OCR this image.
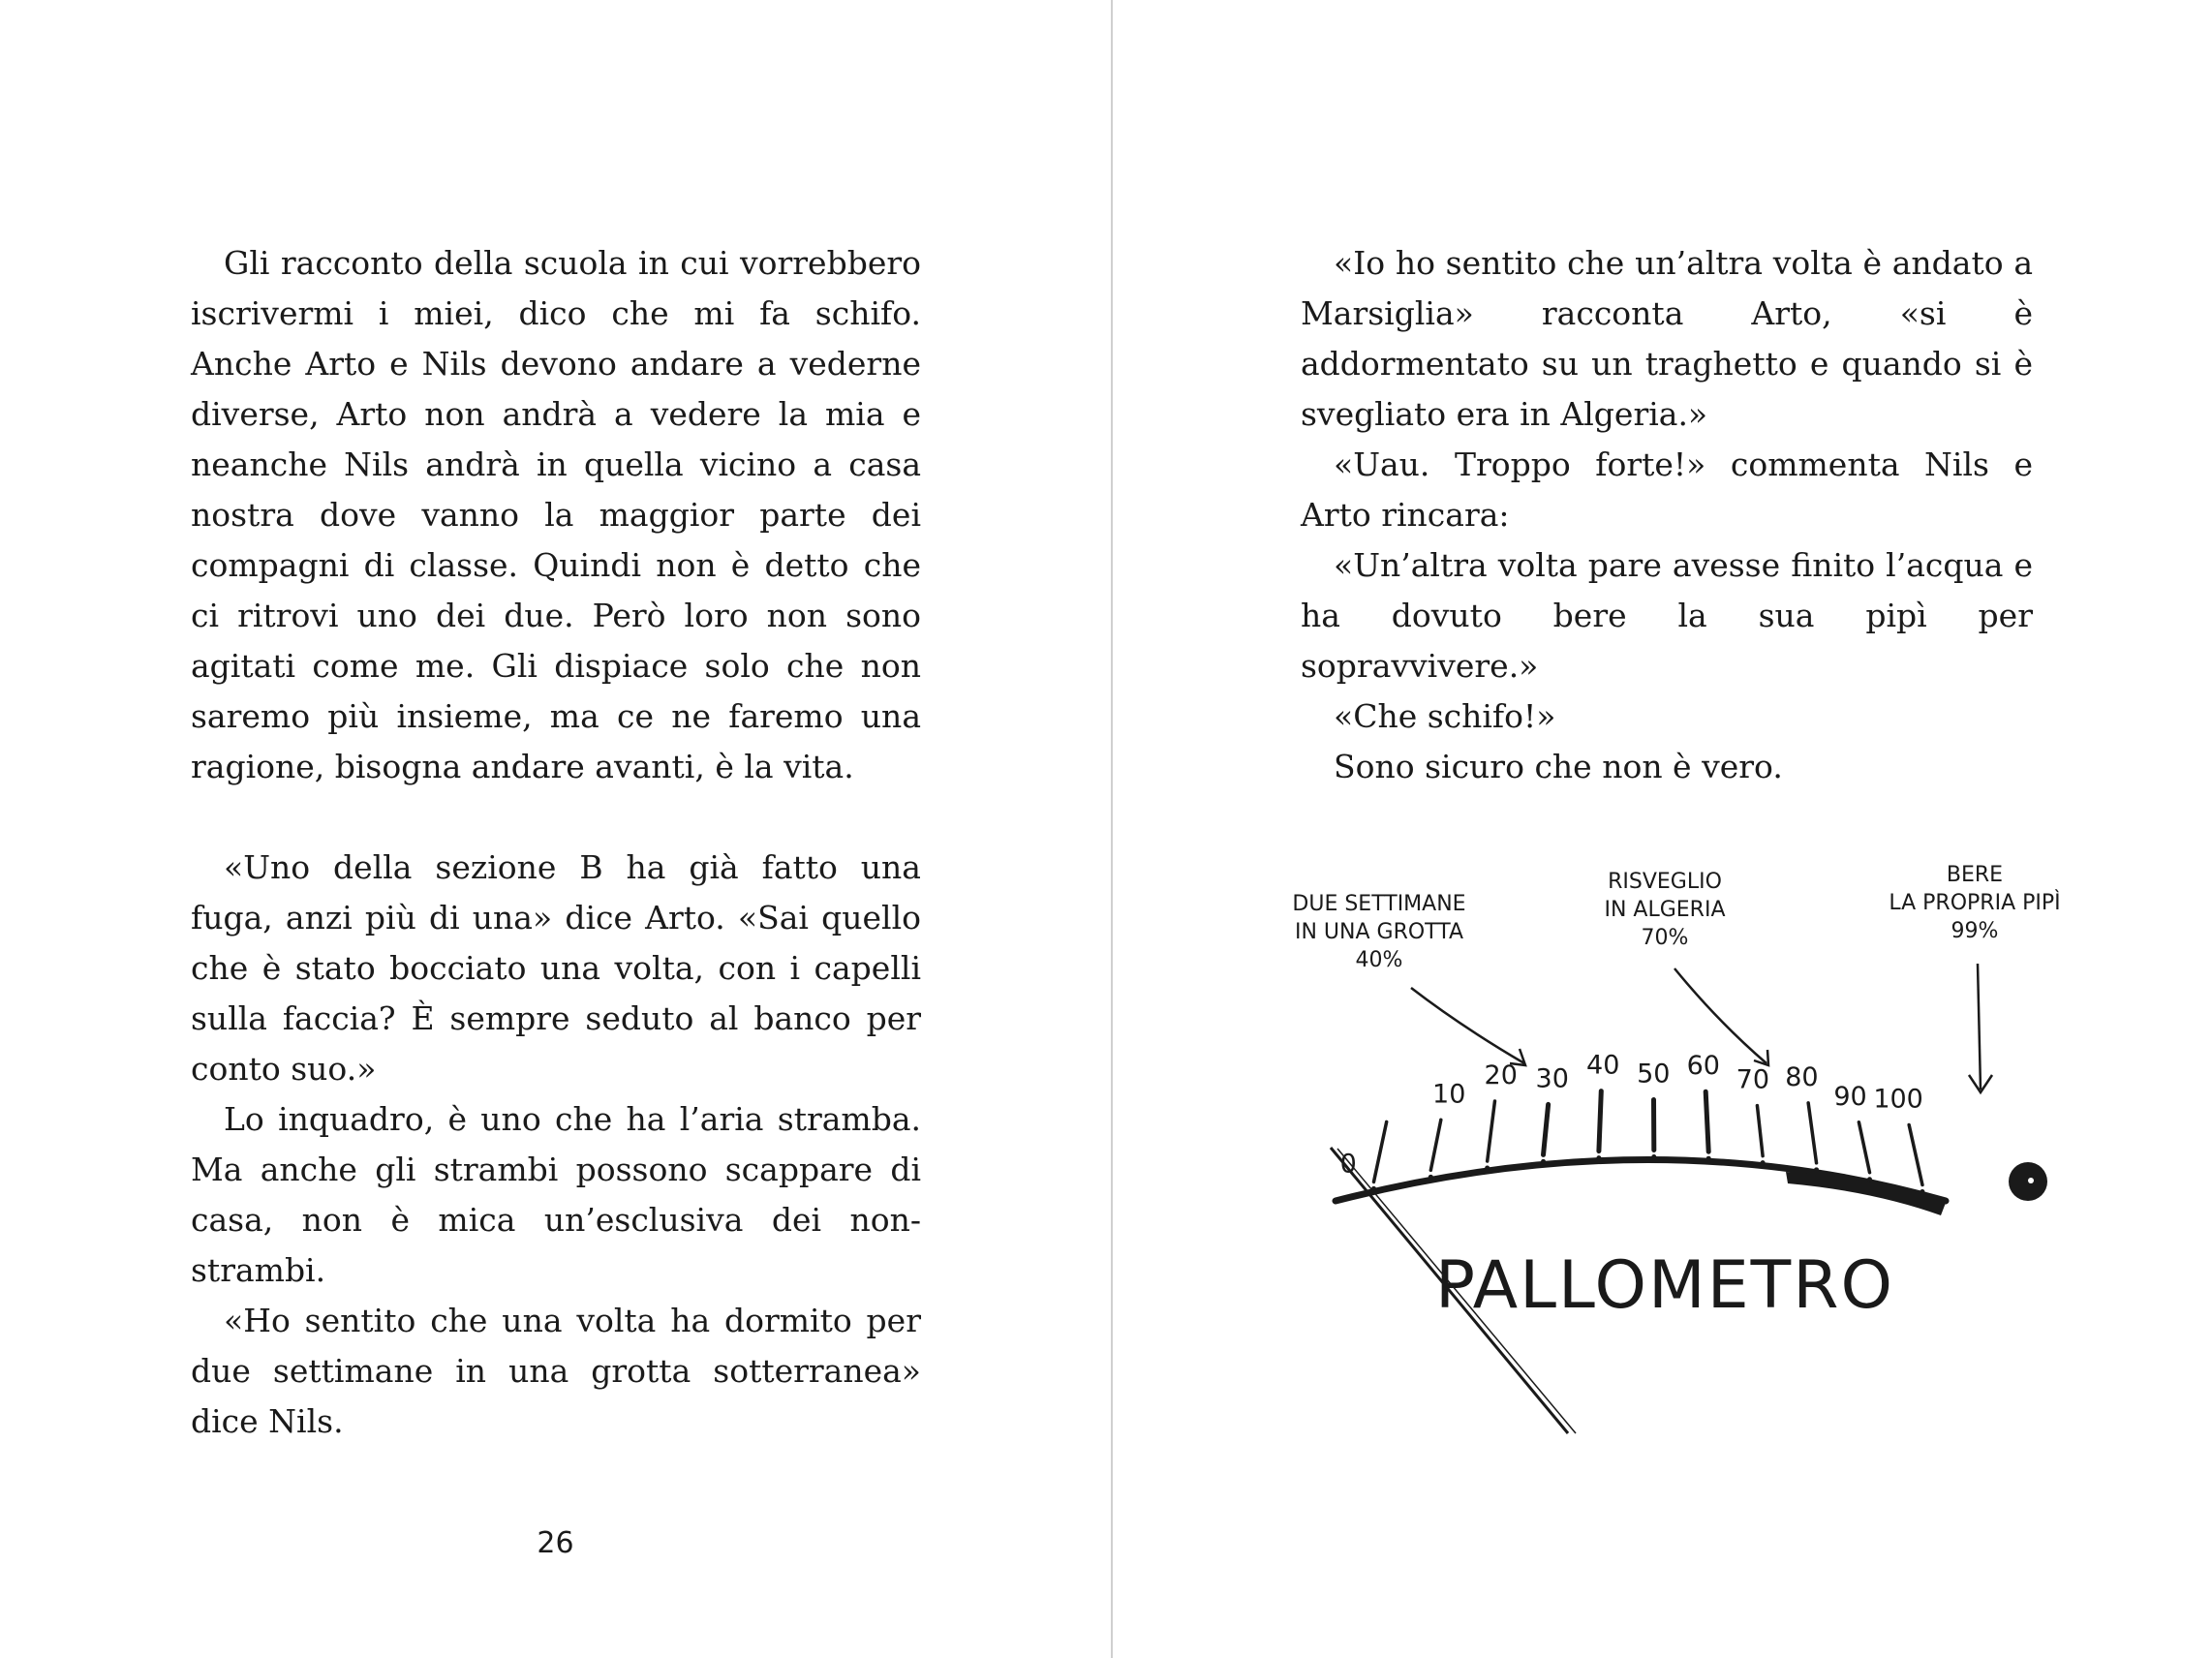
Gli racconto della scuola in cui vorrebbero iscrivermi i miei, dico che mi fa schifo. Anche Arto e Nils devono andare a vederne diverse, Arto non andrà a vedere la mia e neanche Nils andrà in quella vicino a casa nostra dove vanno la maggior parte dei compagni di classe. Quindi non è detto che ci ritrovi uno dei due. Però loro non sono agitati come me. Gli dispiace solo che non saremo più insieme, ma ce ne faremo una ragione, bisogna andare avanti, è la vita.

«Uno della sezione B ha già fatto una fuga, anzi più di una» dice Arto. «Sai quello che è stato bocciato una volta, con i capelli sulla faccia? È sempre seduto al banco per conto suo.»

Lo inquadro, è uno che ha l’aria stramba. Ma anche gli strambi possono scappare di casa, non è mica un’esclusiva dei non-strambi.

«Ho sentito che una volta ha dormito per due settimane in una grotta sotterranea» dice Nils.

26

«Io ho sentito che un’altra volta è andato a Marsiglia» racconta Arto, «si è addormentato su un traghetto e quando si è svegliato era in Algeria.»

«Uau. Troppo forte!» commenta Nils e Arto rincara:

«Un’altra volta pare avesse finito l’acqua e ha dovuto bere la sua pipì per sopravvivere.»

«Che schifo!»

Sono sicuro che non è vero.

0
10
20 30 40 50 60 70 80
90 100
PALLOMETRO
DUE SETTIMANE
IN UNA GROTTA
40%
RISVEGLIO
IN ALGERIA
70%
BERE
LA PROPRIA PIPÌ
99%
